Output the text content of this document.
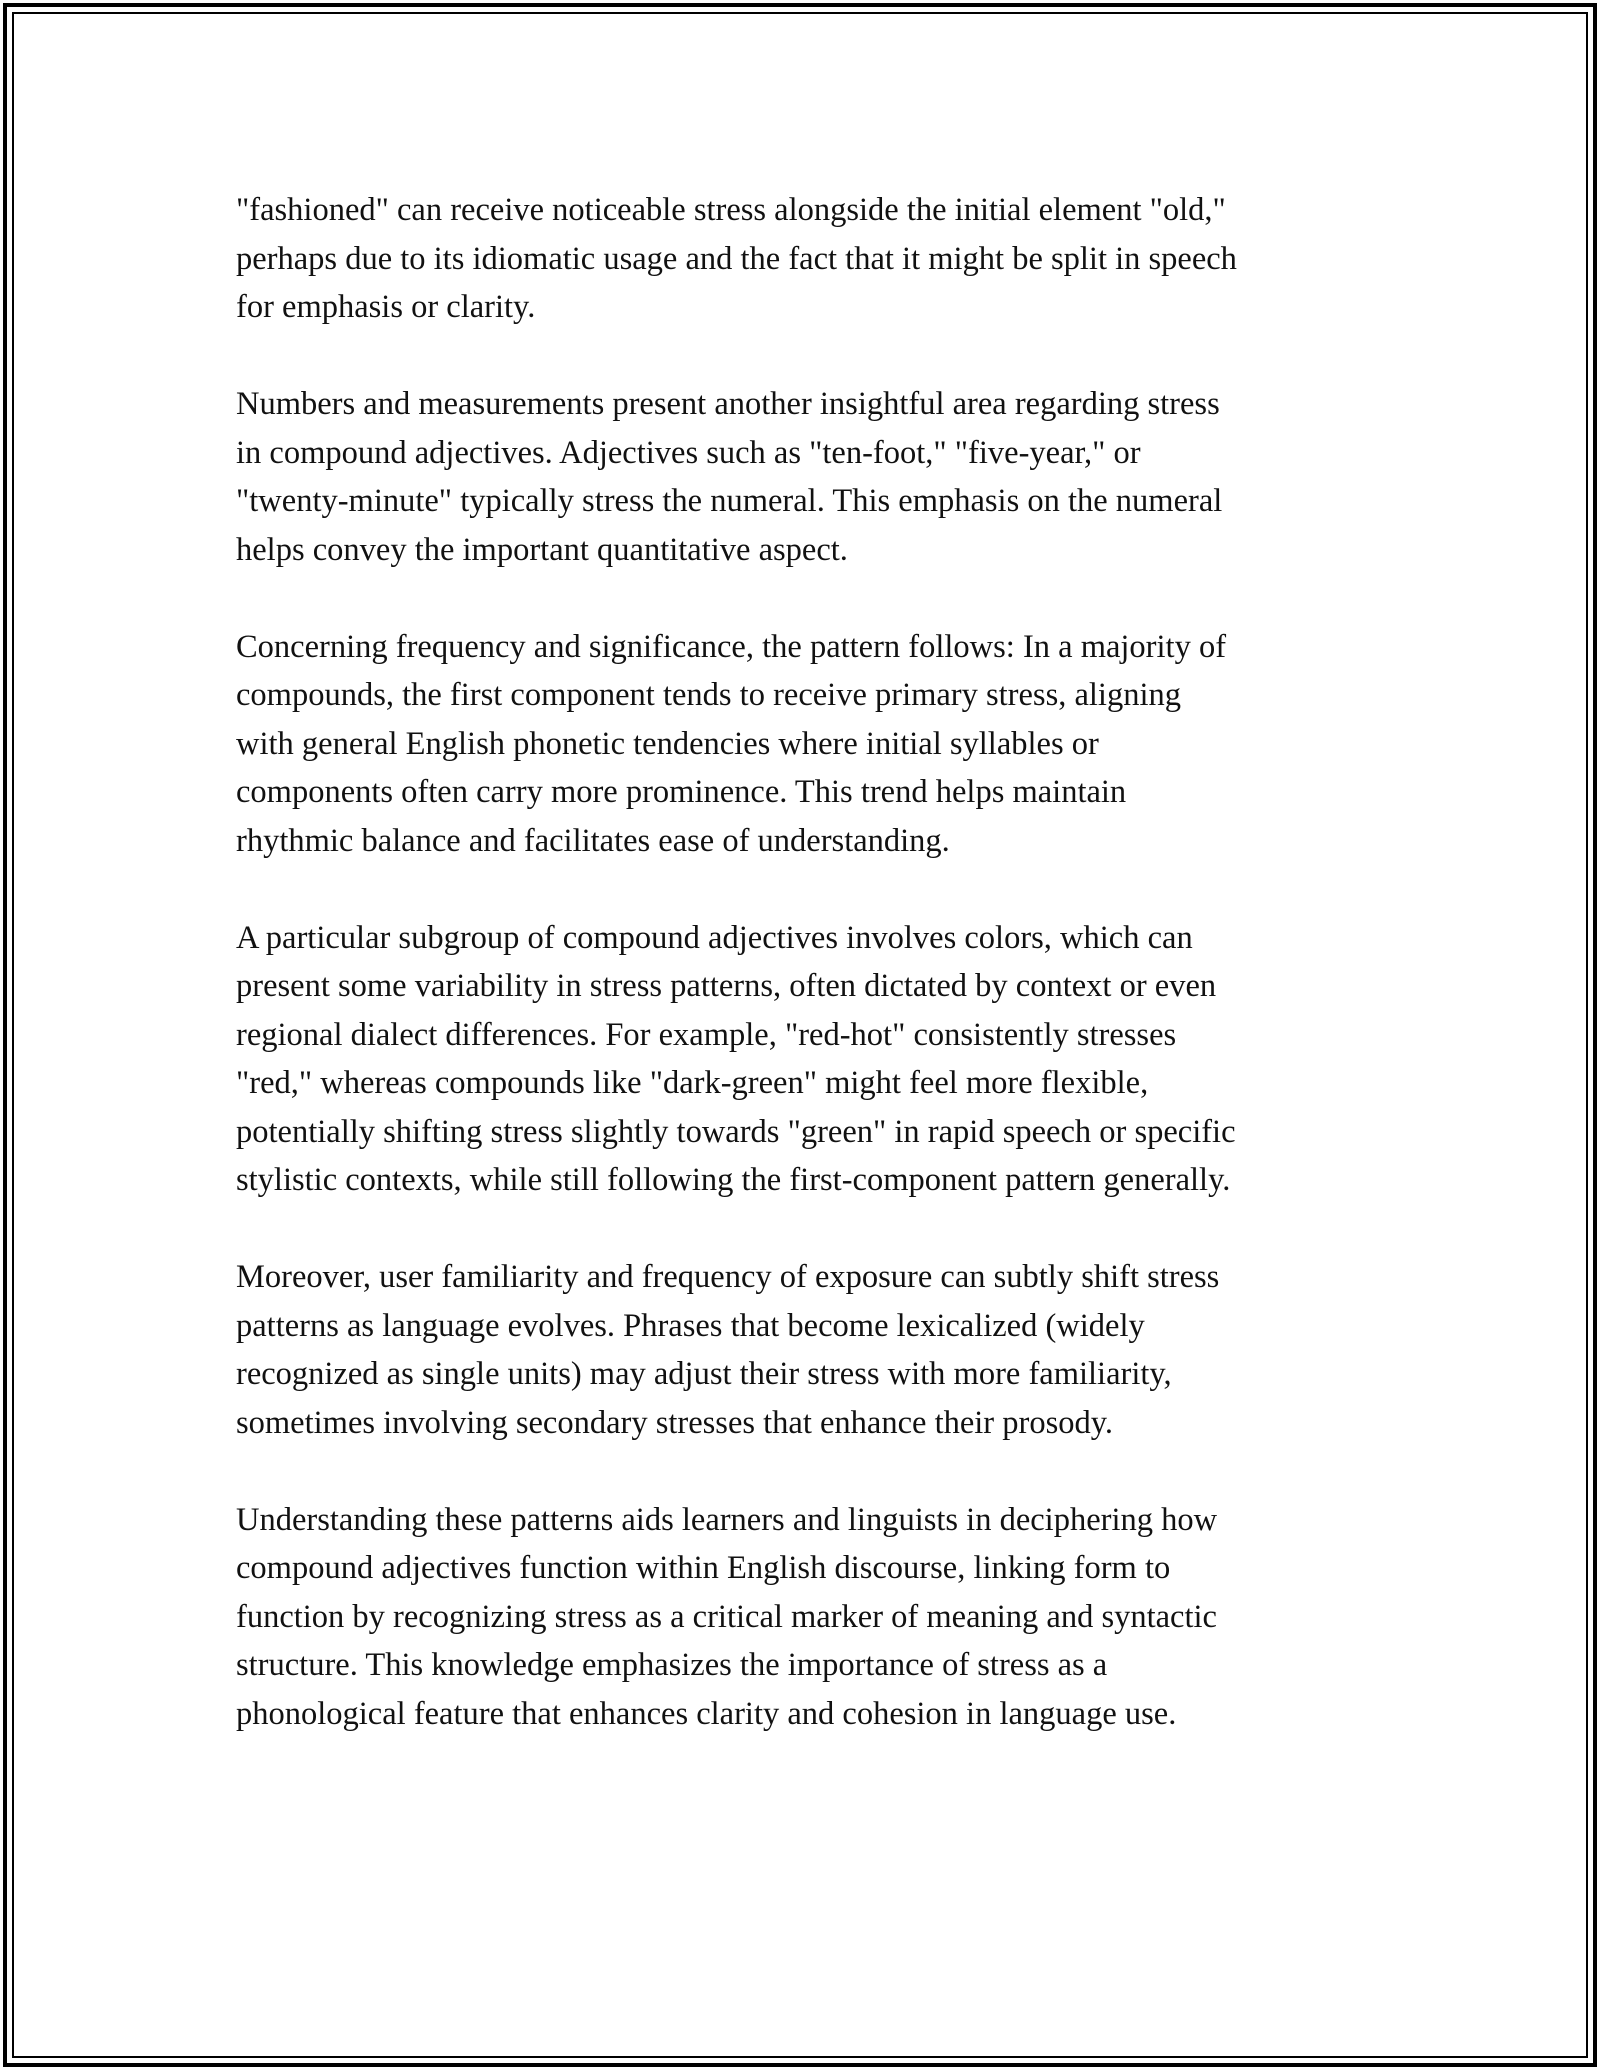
"fashioned" can receive noticeable stress alongside the initial element "old,"
perhaps due to its idiomatic usage and the fact that it might be split in speech
for emphasis or clarity.

Numbers and measurements present another insightful area regarding stress
in compound adjectives. Adjectives such as "ten-foot," "five-year," or
"twenty-minute" typically stress the numeral. This emphasis on the numeral
helps convey the important quantitative aspect.

Concerning frequency and significance, the pattern follows: In a majority of
compounds, the first component tends to receive primary stress, aligning
with general English phonetic tendencies where initial syllables or
components often carry more prominence. This trend helps maintain
rhythmic balance and facilitates ease of understanding.

A particular subgroup of compound adjectives involves colors, which can
present some variability in stress patterns, often dictated by context or even
regional dialect differences. For example, "red-hot" consistently stresses
"red," whereas compounds like "dark-green" might feel more flexible,
potentially shifting stress slightly towards "green" in rapid speech or specific
stylistic contexts, while still following the first-component pattern generally.

Moreover, user familiarity and frequency of exposure can subtly shift stress
patterns as language evolves. Phrases that become lexicalized (widely
recognized as single units) may adjust their stress with more familiarity,
sometimes involving secondary stresses that enhance their prosody.

Understanding these patterns aids learners and linguists in deciphering how
compound adjectives function within English discourse, linking form to
function by recognizing stress as a critical marker of meaning and syntactic
structure. This knowledge emphasizes the importance of stress as a
phonological feature that enhances clarity and cohesion in language use.
